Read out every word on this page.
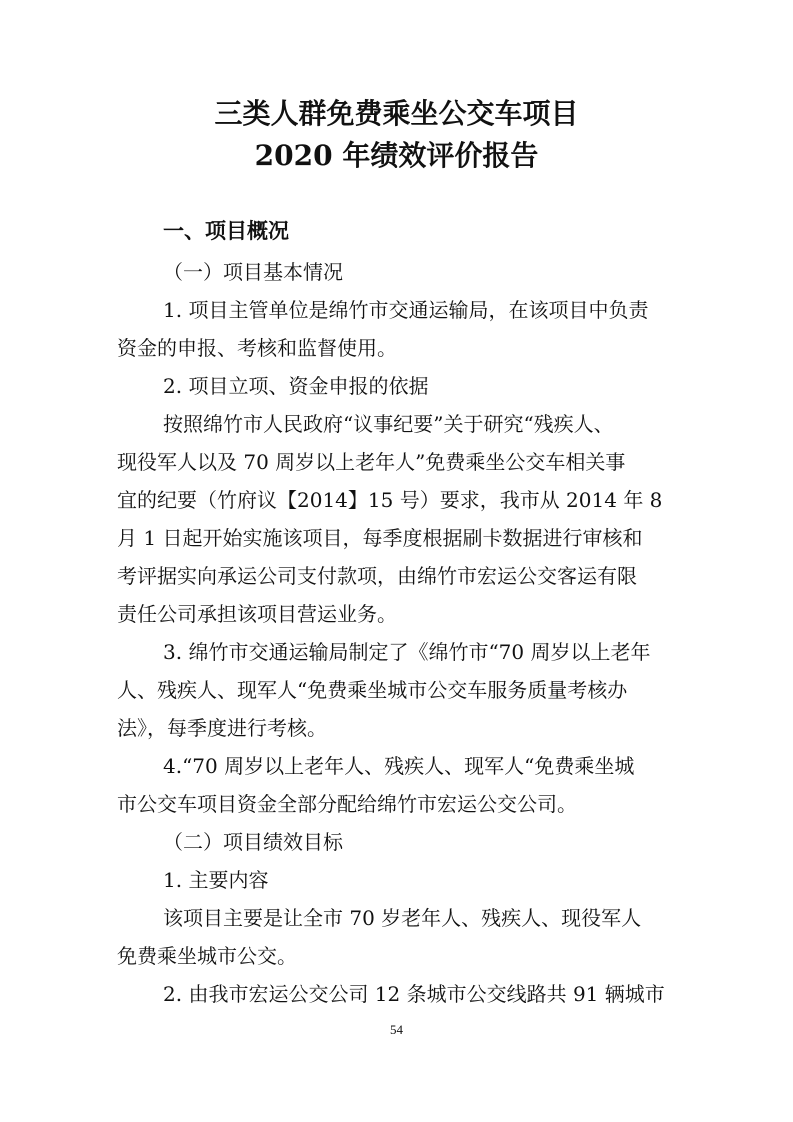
三类人群免费乘坐公交车项目
2020 年绩效评价报告
一、项目概况
（一）项目基本情况
1. 项目主管单位是绵竹市交通运输局，在该项目中负责
资金的申报、考核和监督使用。
2. 项目立项、资金申报的依据
按照绵竹市人民政府“议事纪要”关于研究“残疾人、
现役军人以及 70 周岁以上老年人”免费乘坐公交车相关事
宜的纪要（竹府议【2014】15 号）要求，我市从 2014 年 8
月 1 日起开始实施该项目，每季度根据刷卡数据进行审核和
考评据实向承运公司支付款项，由绵竹市宏运公交客运有限
责任公司承担该项目营运业务。
3. 绵竹市交通运输局制定了《绵竹市“70 周岁以上老年
人、残疾人、现军人“免费乘坐城市公交车服务质量考核办
法》，每季度进行考核。
4.“70 周岁以上老年人、残疾人、现军人“免费乘坐城
市公交车项目资金全部分配给绵竹市宏运公交公司。
（二）项目绩效目标
1. 主要内容
该项目主要是让全市 70 岁老年人、残疾人、现役军人
免费乘坐城市公交。
2. 由我市宏运公交公司 12 条城市公交线路共 91 辆城市
54
